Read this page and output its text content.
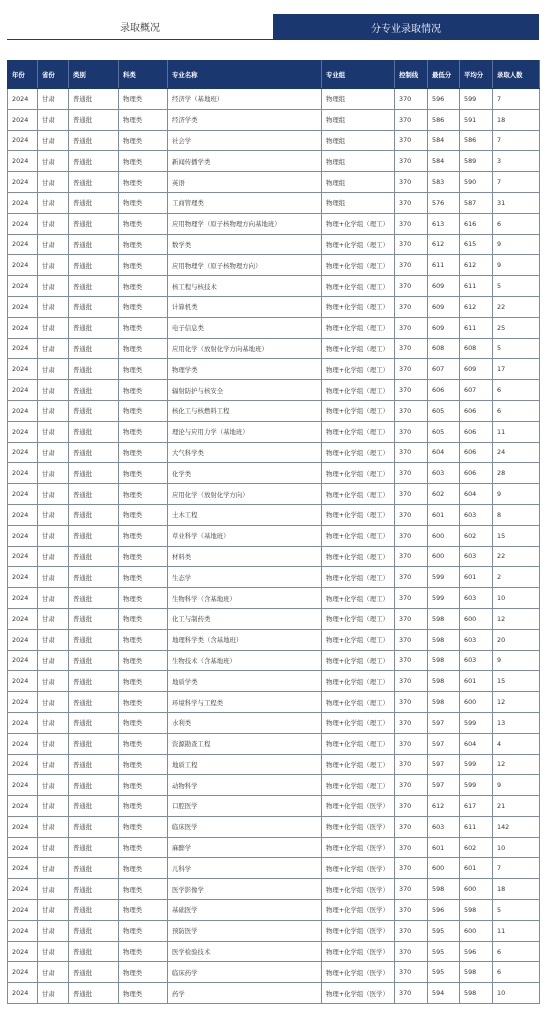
录取概况	分专业录取情况
年份	省份	类别	科类	专业名称	专业组	控制线	最低分	平均分	录取人数
2024	甘肃	普通批	物理类	经济学（基地班）	物理组	370	596	599	7
2024	甘肃	普通批	物理类	经济学类	物理组	370	586	591	18
2024	甘肃	普通批	物理类	社会学	物理组	370	584	586	7
2024	甘肃	普通批	物理类	新闻传播学类	物理组	370	584	589	3
2024	甘肃	普通批	物理类	英语	物理组	370	583	590	7
2024	甘肃	普通批	物理类	工商管理类	物理组	370	576	587	31
2024	甘肃	普通批	物理类	应用物理学（原子核物理方向基地班）	物理+化学组（理工）	370	613	616	6
2024	甘肃	普通批	物理类	数学类	物理+化学组（理工）	370	612	615	9
2024	甘肃	普通批	物理类	应用物理学（原子核物理方向）	物理+化学组（理工）	370	611	612	9
2024	甘肃	普通批	物理类	核工程与核技术	物理+化学组（理工）	370	609	611	5
2024	甘肃	普通批	物理类	计算机类	物理+化学组（理工）	370	609	612	22
2024	甘肃	普通批	物理类	电子信息类	物理+化学组（理工）	370	609	611	25
2024	甘肃	普通批	物理类	应用化学（放射化学方向基地班）	物理+化学组（理工）	370	608	608	5
2024	甘肃	普通批	物理类	物理学类	物理+化学组（理工）	370	607	609	17
2024	甘肃	普通批	物理类	辐射防护与核安全	物理+化学组（理工）	370	606	607	6
2024	甘肃	普通批	物理类	核化工与核燃料工程	物理+化学组（理工）	370	605	606	6
2024	甘肃	普通批	物理类	理论与应用力学（基地班）	物理+化学组（理工）	370	605	606	11
2024	甘肃	普通批	物理类	大气科学类	物理+化学组（理工）	370	604	606	24
2024	甘肃	普通批	物理类	化学类	物理+化学组（理工）	370	603	606	28
2024	甘肃	普通批	物理类	应用化学（放射化学方向）	物理+化学组（理工）	370	602	604	9
2024	甘肃	普通批	物理类	土木工程	物理+化学组（理工）	370	601	603	8
2024	甘肃	普通批	物理类	草业科学（基地班）	物理+化学组（理工）	370	600	602	15
2024	甘肃	普通批	物理类	材料类	物理+化学组（理工）	370	600	603	22
2024	甘肃	普通批	物理类	生态学	物理+化学组（理工）	370	599	601	2
2024	甘肃	普通批	物理类	生物科学（含基地班）	物理+化学组（理工）	370	599	603	10
2024	甘肃	普通批	物理类	化工与制药类	物理+化学组（理工）	370	598	600	12
2024	甘肃	普通批	物理类	地理科学类（含基地班）	物理+化学组（理工）	370	598	603	20
2024	甘肃	普通批	物理类	生物技术（含基地班）	物理+化学组（理工）	370	598	603	9
2024	甘肃	普通批	物理类	地质学类	物理+化学组（理工）	370	598	601	15
2024	甘肃	普通批	物理类	环境科学与工程类	物理+化学组（理工）	370	598	600	12
2024	甘肃	普通批	物理类	水利类	物理+化学组（理工）	370	597	599	13
2024	甘肃	普通批	物理类	资源勘查工程	物理+化学组（理工）	370	597	604	4
2024	甘肃	普通批	物理类	地质工程	物理+化学组（理工）	370	597	599	12
2024	甘肃	普通批	物理类	动物科学	物理+化学组（理工）	370	597	599	9
2024	甘肃	普通批	物理类	口腔医学	物理+化学组（医学）	370	612	617	21
2024	甘肃	普通批	物理类	临床医学	物理+化学组（医学）	370	603	611	142
2024	甘肃	普通批	物理类	麻醉学	物理+化学组（医学）	370	601	602	10
2024	甘肃	普通批	物理类	儿科学	物理+化学组（医学）	370	600	601	7
2024	甘肃	普通批	物理类	医学影像学	物理+化学组（医学）	370	598	600	18
2024	甘肃	普通批	物理类	基础医学	物理+化学组（医学）	370	596	598	5
2024	甘肃	普通批	物理类	预防医学	物理+化学组（医学）	370	595	600	11
2024	甘肃	普通批	物理类	医学检验技术	物理+化学组（医学）	370	595	596	6
2024	甘肃	普通批	物理类	临床药学	物理+化学组（医学）	370	595	598	6
2024	甘肃	普通批	物理类	药学	物理+化学组（医学）	370	594	598	10
